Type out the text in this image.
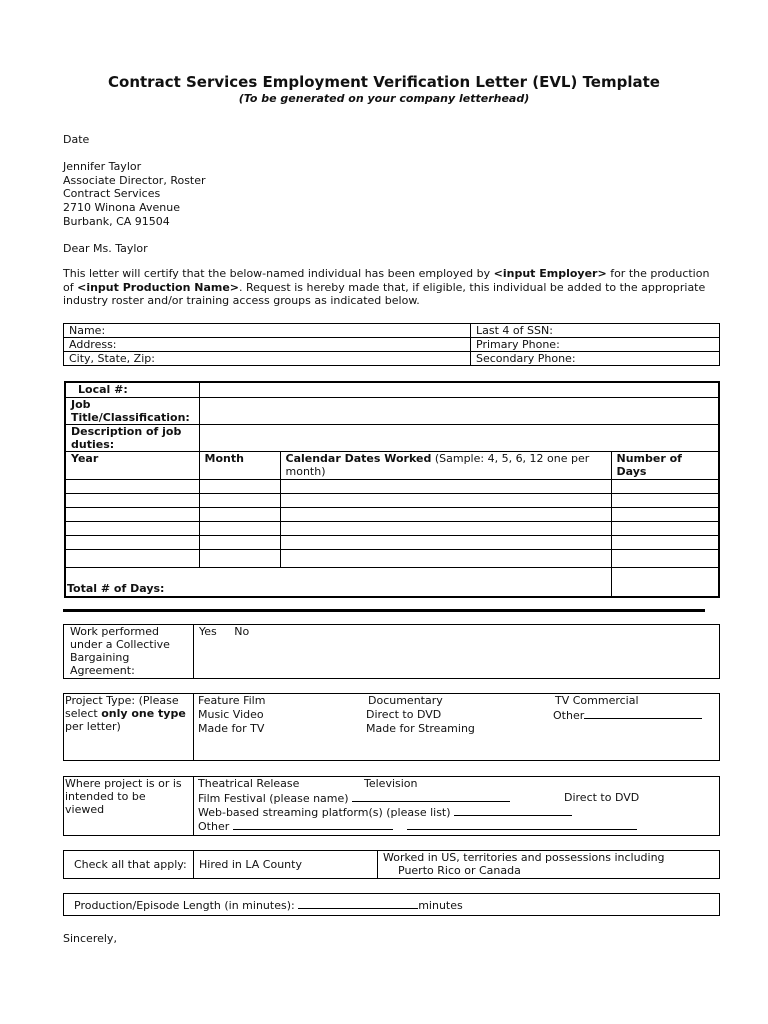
Contract Services Employment Verification Letter (EVL) Template
(To be generated on your company letterhead)
Date
Jennifer Taylor
Associate Director, Roster
Contract Services
2710 Winona Avenue
Burbank, CA 91504
Dear Ms. Taylor
This letter will certify that the below-named individual has been employed by <input Employer> for the production of <input Production Name>. Request is hereby made that, if eligible, this individual be added to the appropriate industry roster and/or training access groups as indicated below.
Name:	Last 4 of SSN:
Address:	Primary Phone:
City, State, Zip:	Secondary Phone:
Local #:			
Job Title/Classification:			
Description of job duties:			
Year	Month	Calendar Dates Worked (Sample: 4, 5, 6, 12 one per month)	Number of Days

Total # of Days:			
Work performed under a Collective Bargaining Agreement:	Yes No
Project Type: (Please
select only one type
per letter)	
Feature Film	Documentary	TV Commercial
Music Video	Direct to DVD	Other
Made for TV	Made for Streaming
Where project is or is intended to be viewed	
Theatrical Release	Television
Film Festival (please name)	Direct to DVD
Web-based streaming platform(s) (please list)
Other
Check all that apply:	Hired in LA County	Worked in US, territories and possessions including
Puerto Rico or Canada
Production/Episode Length (in minutes):	minutes
Sincerely,
